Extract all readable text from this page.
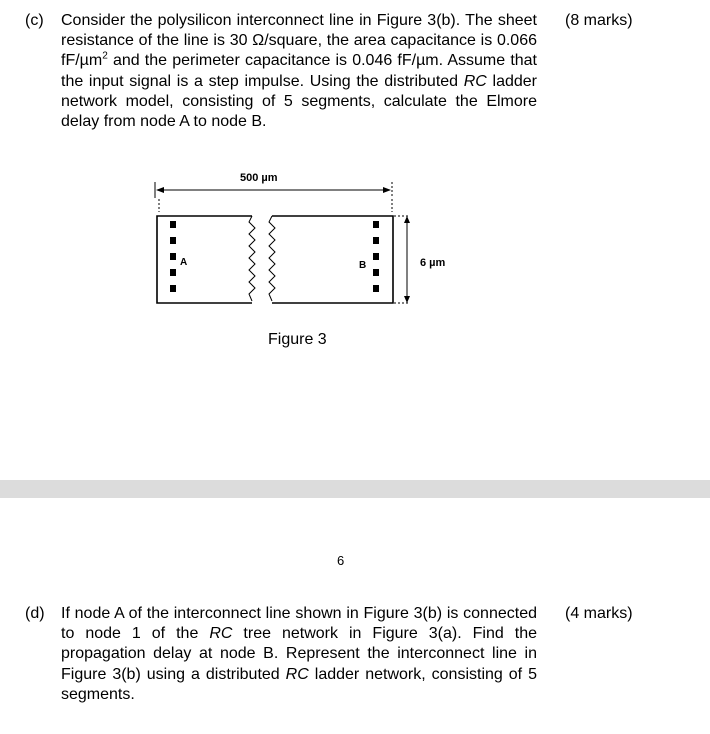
(c) Consider the polysilicon interconnect line in Figure 3(b). The sheet resistance of the line is 30 Ω/square, the area capacitance is 0.066 fF/µm$^2$ and the perimeter capacitance is 0.046 fF/µm. Assume that the input signal is a step impulse. Using the distributed RC ladder network model, consisting of 5 segments, calculate the Elmore delay from node A to node B.

(8 marks)
500 µm
6 µm
A	B
Figure 3
6
(d) If node A of the interconnect line shown in Figure 3(b) is connected to node 1 of the RC tree network in Figure 3(a). Find the propagation delay at node B. Represent the interconnect line in Figure 3(b) using a distributed RC ladder network, consisting of 5 segments.

(4 marks)
